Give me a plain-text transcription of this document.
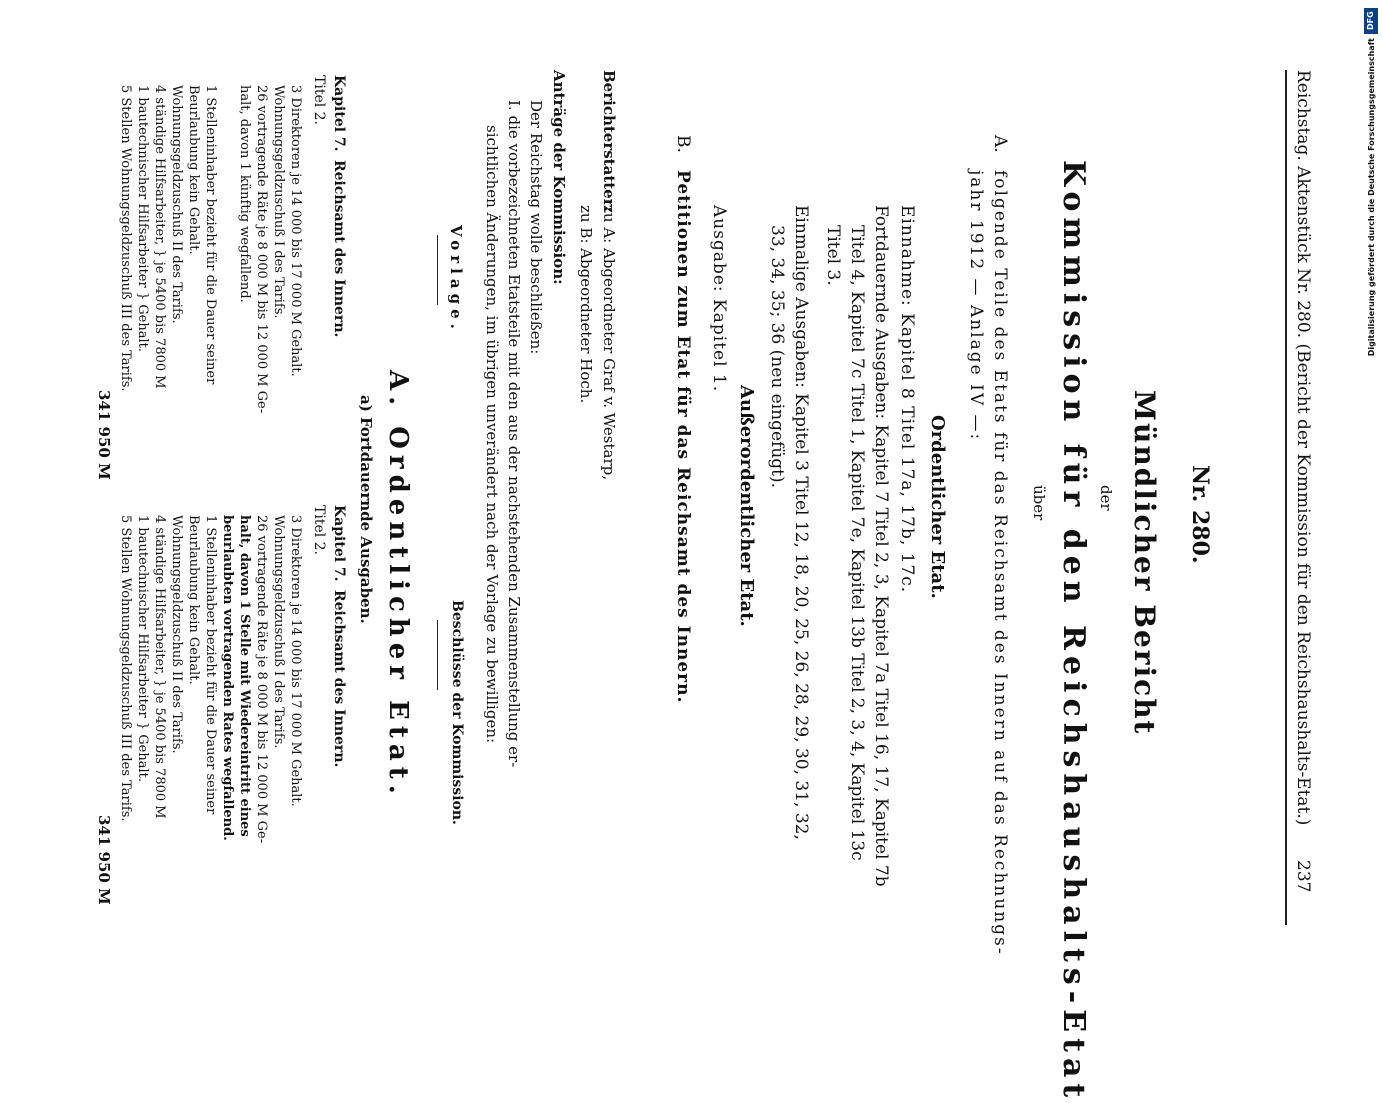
Reichstag. Aktenstück Nr. 280. (Bericht der Kommission für den Reichshaushalts-Etat.)
237
Nr. 280.
Mündlicher Bericht
der
Kommission für den Reichshaushalts-Etat
über
A.
folgende Teile des Etats für das Reichsamt des Innern auf das Rechnungs-
jahr 1912 — Anlage IV —:
Ordentlicher Etat.
Einnahme: Kapitel 8 Titel 17a, 17b, 17c.
Fortdauernde Ausgaben: Kapitel 7 Titel 2, 3, Kapitel 7a Titel 16, 17, Kapitel 7b
Titel 4, Kapitel 7c Titel 1, Kapitel 7e, Kapitel 13b Titel 2, 3, 4, Kapitel 13c
Titel 3.
Einmalige Ausgaben: Kapitel 3 Titel 12, 18, 20, 25, 26, 28, 29, 30, 31, 32,
33, 34, 35; 36 (neu eingefügt).
Außerordentlicher Etat.
Ausgabe: Kapitel 1.
B.
Petitionen zum Etat für das Reichsamt des Innern.
Berichterstatter:
zu A: Abgeordneter Graf v. Westarp,
zu B: Abgeordneter Hoch.
Anträge der Kommission:
Der Reichstag wolle beschließen:
I. die vorbezeichneten Etatsteile mit den aus der nachstehenden Zusammenstellung er-
sichtlichen Änderungen, im übrigen unverändert nach der Vorlage zu bewilligen:
Vorlage.
Beschlüsse der Kommission.
A. Ordentlicher Etat.
a) Fortdauernde Ausgaben.
Kapitel 7.
Reichsamt des Innern.
Titel 2.
3 Direktoren je 14 000 bis 17 000 M Gehalt.
Wohnungsgeldzuschuß I des Tarifs.
26 vortragende Räte je 8 000 M bis 12 000 M Ge-
halt, davon 1 künftig wegfallend.
1 Stelleninhaber bezieht für die Dauer seiner
Beurlaubung kein Gehalt.
Wohnungsgeldzuschuß II des Tarifs.
4 ständige Hilfsarbeiter, } je 5400 bis 7800 M
1 bautechnischer Hilfsarbeiter } Gehalt.
5 Stellen Wohnungsgeldzuschuß III des Tarifs.
341 950 M
Kapitel 7.
Reichsamt des Innern.
Titel 2.
3 Direktoren je 14 000 bis 17 000 M Gehalt.
Wohnungsgeldzuschuß I des Tarifs.
26 vortragende Räte je 8 000 M bis 12 000 M Ge-
halt, davon 1 Stelle mit Wiedereintritt eines
beurlaubten vortragenden Rates wegfallend.
1 Stelleninhaber bezieht für die Dauer seiner
Beurlaubung kein Gehalt.
Wohnungsgeldzuschuß II des Tarifs.
4 ständige Hilfsarbeiter, } je 5400 bis 7800 M
1 bautechnischer Hilfsarbeiter } Gehalt.
5 Stellen Wohnungsgeldzuschuß III des Tarifs.
341 950 M
DFG
Digitalisierung gefördert durch die Deutsche Forschungsgemeinschaft
